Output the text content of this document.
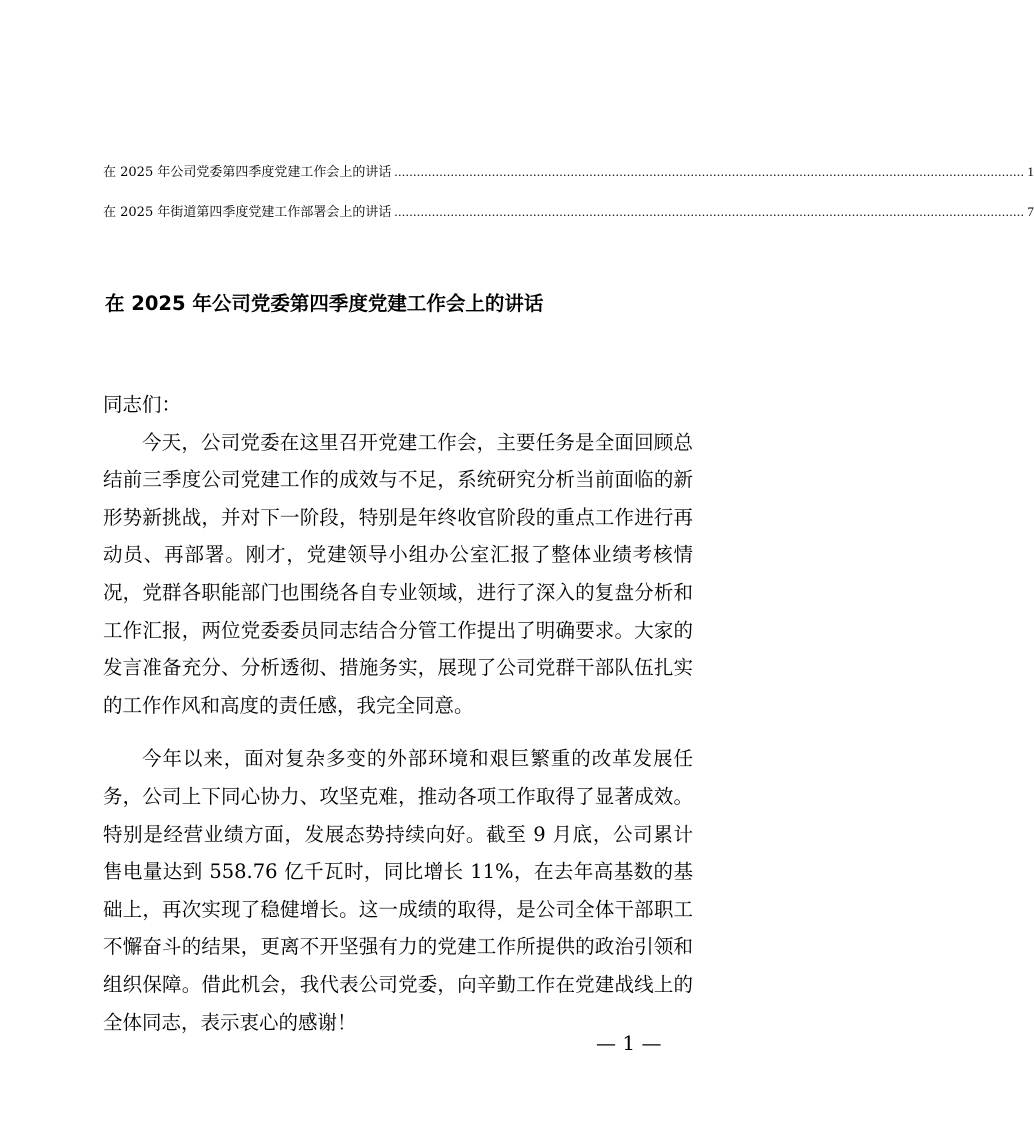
在 2025 年公司党委第四季度党建工作会上的讲话 ........................................................................................................................................................................ 1
在 2025 年街道第四季度党建工作部署会上的讲话 ........................................................................................................................................................................ 7
在 2025 年公司党委第四季度党建工作会上的讲话

同志们：

今天，公司党委在这里召开党建工作会，主要任务是全面回顾总结前三季度公司党建工作的成效与不足，系统研究分析当前面临的新形势新挑战，并对下一阶段，特别是年终收官阶段的重点工作进行再动员、再部署。刚才，党建领导小组办公室汇报了整体业绩考核情况，党群各职能部门也围绕各自专业领域，进行了深入的复盘分析和工作汇报，两位党委委员同志结合分管工作提出了明确要求。大家的发言准备充分、分析透彻、措施务实，展现了公司党群干部队伍扎实的工作作风和高度的责任感，我完全同意。

今年以来，面对复杂多变的外部环境和艰巨繁重的改革发展任务，公司上下同心协力、攻坚克难，推动各项工作取得了显著成效。特别是经营业绩方面，发展态势持续向好。截至 9 月底，公司累计售电量达到 558.76 亿千瓦时，同比增长 11%，在去年高基数的基础上，再次实现了稳健增长。这一成绩的取得，是公司全体干部职工不懈奋斗的结果，更离不开坚强有力的党建工作所提供的政治引领和组织保障。借此机会，我代表公司党委，向辛勤工作在党建战线上的全体同志，表示衷心的感谢！

— 1 —
